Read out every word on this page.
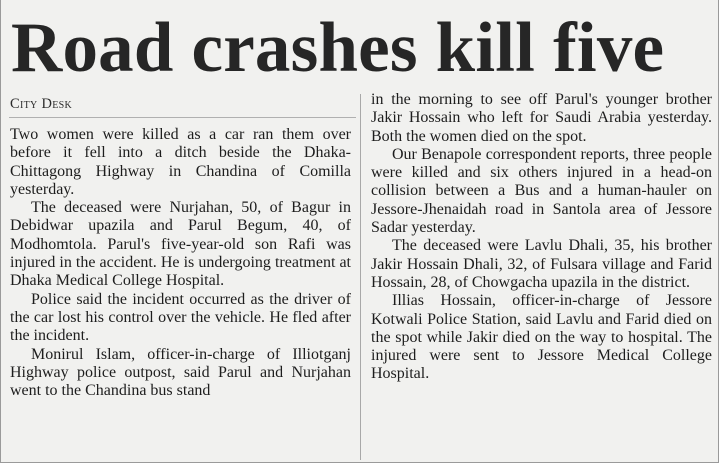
Road crashes kill five
City Desk

Two women were killed as a car ran them over before it fell into a ditch beside the Dhaka-Chittagong Highway in Chandina of Comilla yesterday.

The deceased were Nurjahan, 50, of Bagur in Debidwar upazila and Parul Begum, 40, of Modhomtola. Parul's five-year-old son Rafi was injured in the accident. He is undergoing treatment at Dhaka Medical College Hospital.

Police said the incident occurred as the driver of the car lost his control over the vehicle. He fled after the incident.

Monirul Islam, officer-in-charge of Illiotganj Highway police outpost, said Parul and Nurjahan went to the Chandina bus stand

in the morning to see off Parul's younger brother Jakir Hossain who left for Saudi Arabia yesterday. Both the women died on the spot.

Our Benapole correspondent reports, three people were killed and six others injured in a head-on collision between a Bus and a human-hauler on Jessore-Jhenaidah road in Santola area of Jessore Sadar yesterday.

The deceased were Lavlu Dhali, 35, his brother Jakir Hossain Dhali, 32, of Fulsara village and Farid Hossain, 28, of Chowgacha upazila in the district.

Illias Hossain, officer-in-charge of Jessore Kotwali Police Station, said Lavlu and Farid died on the spot while Jakir died on the way to hospital. The injured were sent to Jessore Medical College Hospital.
